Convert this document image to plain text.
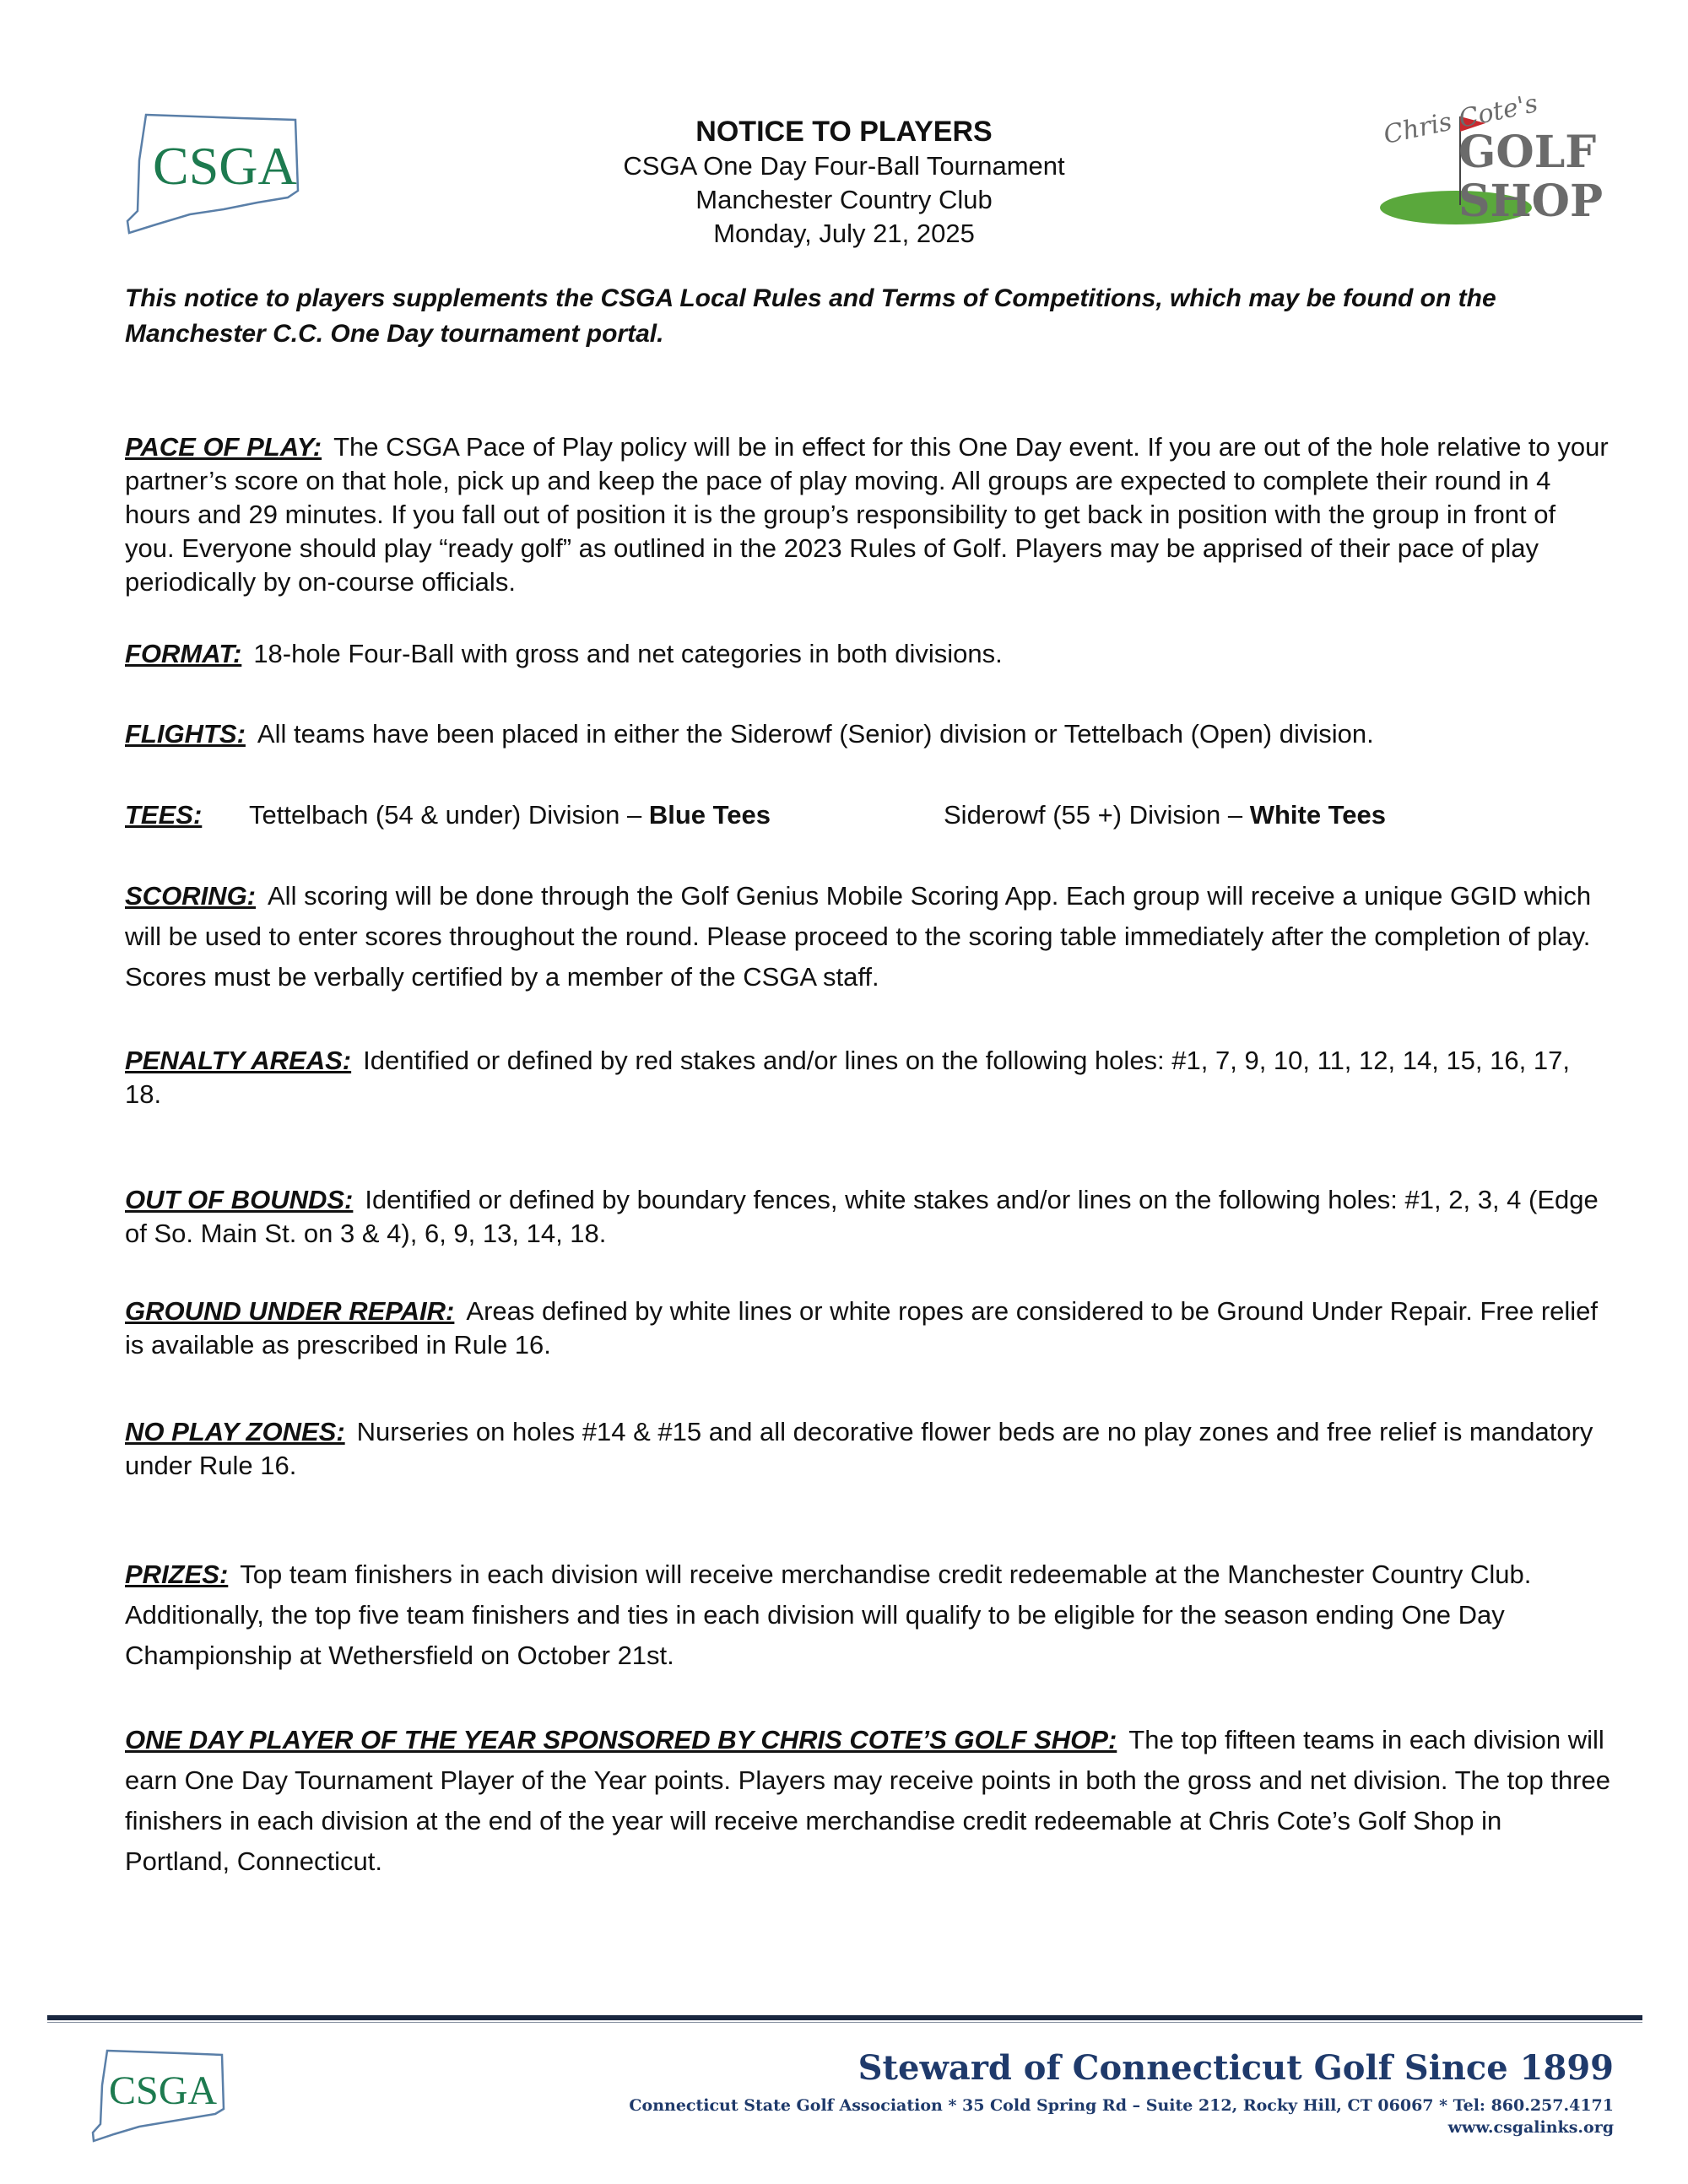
CSGA
NOTICE TO PLAYERS
CSGA One Day Four-Ball Tournament
Manchester Country Club
Monday, July 21, 2025
Chris Cote's
GOLF
SHOP
This notice to players supplements the CSGA Local Rules and Terms of Competitions, which may be found on the Manchester C.C. One Day tournament portal.
PACE OF PLAY: The CSGA Pace of Play policy will be in effect for this One Day event. If you are out of the hole relative to your partner’s score on that hole, pick up and keep the pace of play moving. All groups are expected to complete their round in 4 hours and 29 minutes. If you fall out of position it is the group’s responsibility to get back in position with the group in front of you. Everyone should play “ready golf” as outlined in the 2023 Rules of Golf. Players may be apprised of their pace of play periodically by on-course officials.
FORMAT: 18-hole Four-Ball with gross and net categories in both divisions.
FLIGHTS: All teams have been placed in either the Siderowf (Senior) division or Tettelbach (Open) division.
TEES:	Tettelbach (54 & under) Division – Blue Tees	Siderowf (55 +) Division – White Tees
SCORING: All scoring will be done through the Golf Genius Mobile Scoring App. Each group will receive a unique GGID which will be used to enter scores throughout the round. Please proceed to the scoring table immediately after the completion of play. Scores must be verbally certified by a member of the CSGA staff.
PENALTY AREAS: Identified or defined by red stakes and/or lines on the following holes: #1, 7, 9, 10, 11, 12, 14, 15, 16, 17, 18.
OUT OF BOUNDS: Identified or defined by boundary fences, white stakes and/or lines on the following holes: #1, 2, 3, 4 (Edge of So. Main St. on 3 & 4), 6, 9, 13, 14, 18.
GROUND UNDER REPAIR: Areas defined by white lines or white ropes are considered to be Ground Under Repair. Free relief is available as prescribed in Rule 16.
NO PLAY ZONES: Nurseries on holes #14 & #15 and all decorative flower beds are no play zones and free relief is mandatory under Rule 16.
PRIZES: Top team finishers in each division will receive merchandise credit redeemable at the Manchester Country Club. Additionally, the top five team finishers and ties in each division will qualify to be eligible for the season ending One Day Championship at Wethersfield on October 21st.
ONE DAY PLAYER OF THE YEAR SPONSORED BY CHRIS COTE’S GOLF SHOP: The top fifteen teams in each division will earn One Day Tournament Player of the Year points. Players may receive points in both the gross and net division. The top three finishers in each division at the end of the year will receive merchandise credit redeemable at Chris Cote’s Golf Shop in Portland, Connecticut.
CSGA
Steward of Connecticut Golf Since 1899
Connecticut State Golf Association * 35 Cold Spring Rd – Suite 212, Rocky Hill, CT 06067 * Tel: 860.257.4171
www.csgalinks.org
